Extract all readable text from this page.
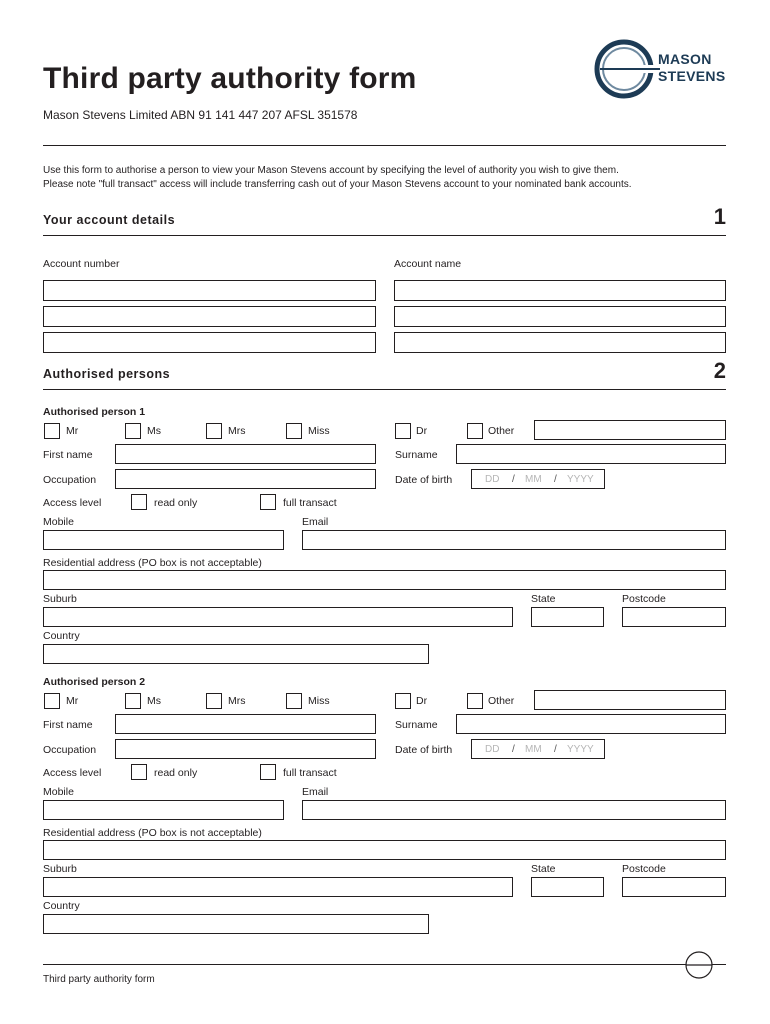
Third party authority form
Mason Stevens Limited ABN 91 141 447 207 AFSL 351578
MASON
STEVENS
Use this form to authorise a person to view your Mason Stevens account by specifying the level of authority you wish to give them.
Please note "full transact" access will include transferring cash out of your Mason Stevens account to your nominated bank accounts.
Your account details	1
Account number	Account name
Authorised persons	2
Authorised person 1
Mr	Ms	Mrs	Miss	Dr	Other
First name	Surname
Occupation	Date of birth	DD / MM / YYYY
Access level	read only	full transact
Mobile	Email
Residential address (PO box is not acceptable)
Suburb	State	Postcode
Country
Authorised person 2
Mr	Ms	Mrs	Miss	Dr	Other
First name	Surname
Occupation	Date of birth	DD / MM / YYYY
Access level	read only	full transact
Mobile	Email
Residential address (PO box is not acceptable)
Suburb	State	Postcode
Country
Third party authority form
